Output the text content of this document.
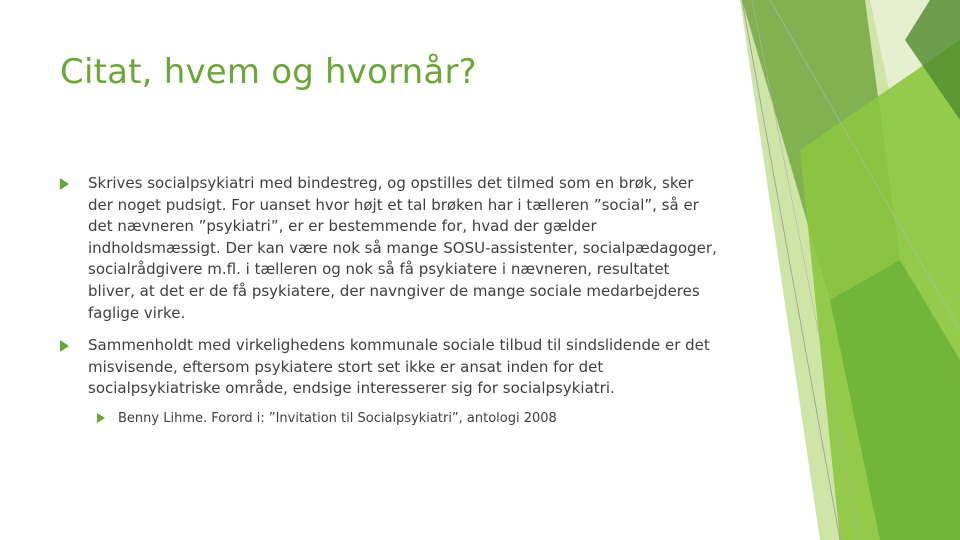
Citat, hvem og hvornår?

Skrives socialpsykiatri med bindestreg, og opstilles det tilmed som en brøk, sker der noget pudsigt. For uanset hvor højt et tal brøken har i tælleren ”social”, så er det nævneren ”psykiatri”, er er bestemmende for, hvad der gælder indholdsmæssigt. Der kan være nok så mange SOSU-assistenter, socialpædagoger, socialrådgivere m.fl. i tælleren og nok så få psykiatere i nævneren, resultatet bliver, at det er de få psykiatere, der navngiver de mange sociale medarbejderes faglige virke.

Sammenholdt med virkelighedens kommunale sociale tilbud til sindslidende er det misvisende, eftersom psykiatere stort set ikke er ansat inden for det socialpsykiatriske område, endsige interesserer sig for socialpsykiatri.

Benny Lihme. Forord i: ”Invitation til Socialpsykiatri”, antologi 2008
